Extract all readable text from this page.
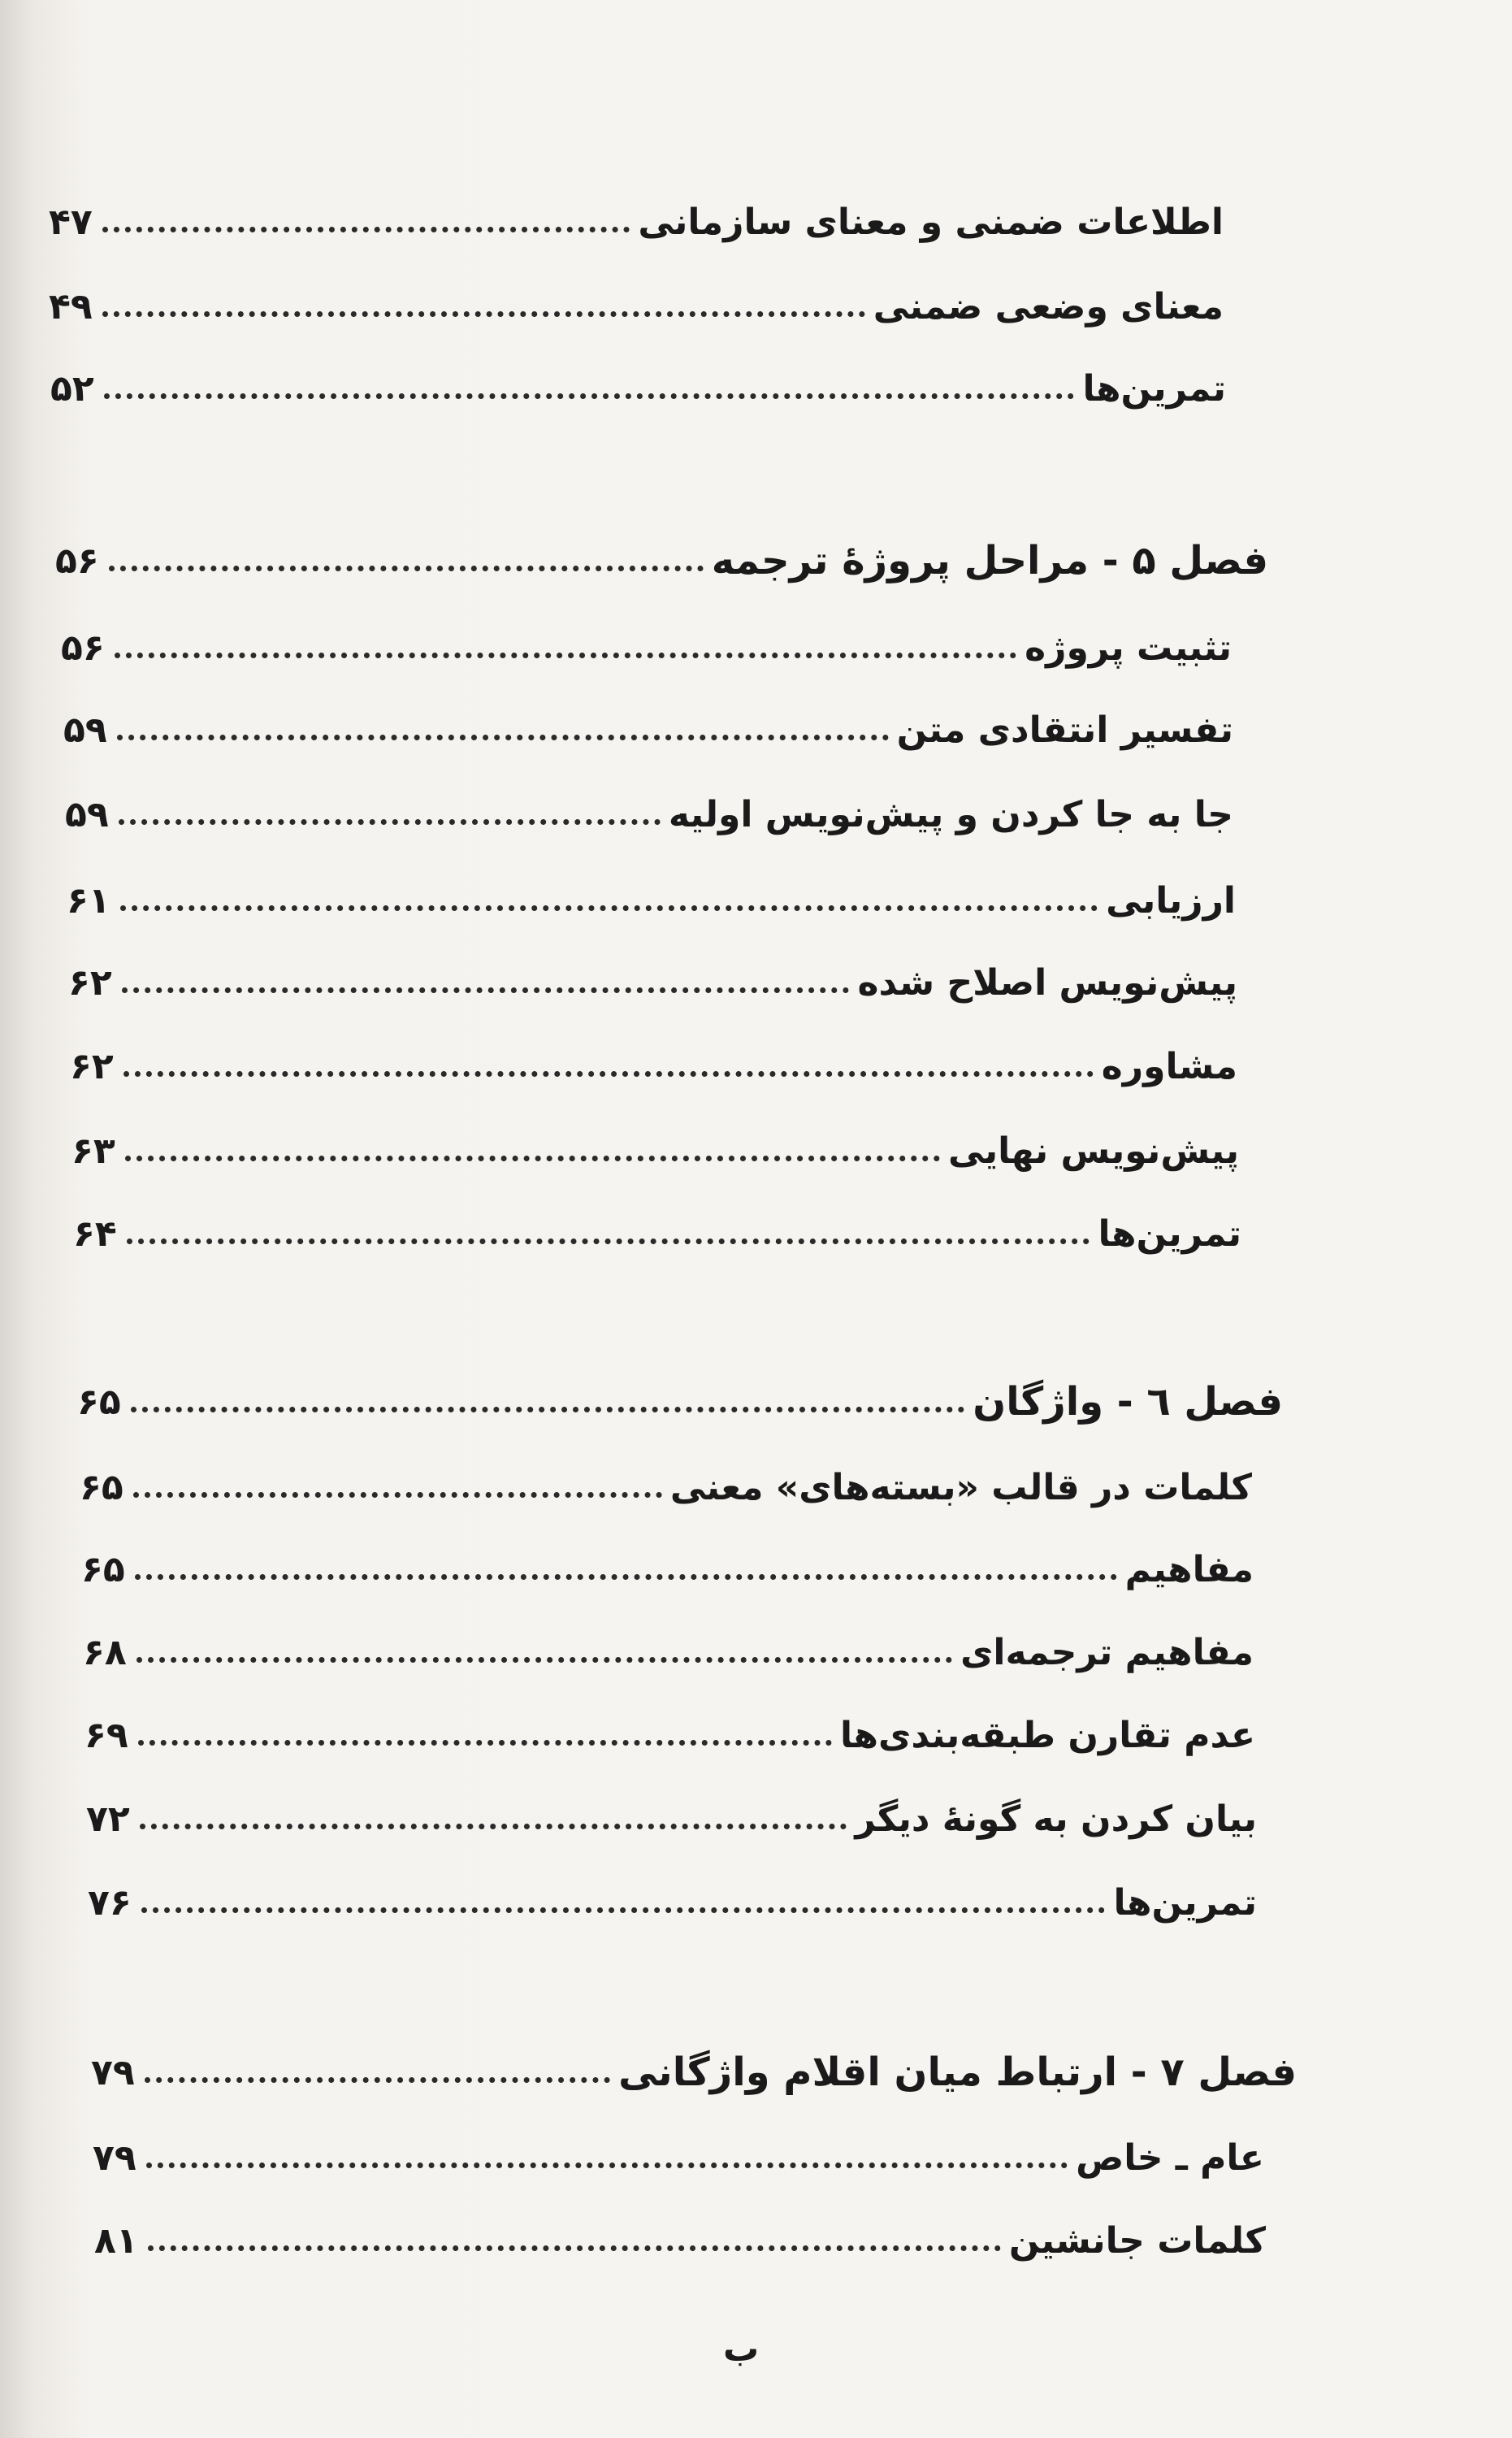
۴۷	اطلاعات ضمنی و معنای سازمانی
۴۹	معنای وضعی ضمنی
۵۲	تمرین‌ها
۵۶	فصل ۵ - مراحل پروژهٔ ترجمه
۵۶	تثبیت پروژه
۵۹	تفسیر انتقادی متن
۵۹	جا به جا کردن و پیش‌نویس اولیه
۶۱	ارزیابی
۶۲	پیش‌نویس اصلاح شده
۶۲	مشاوره
۶۳	پیش‌نویس نهایی
۶۴	تمرین‌ها
۶۵	فصل ٦ - واژگان
۶۵	کلمات در قالب «بسته‌های» معنی
۶۵	مفاهیم
۶۸	مفاهیم ترجمه‌ای
۶۹	عدم تقارن طبقه‌بندی‌ها
۷۲	بیان کردن به گونهٔ دیگر
۷۶	تمرین‌ها
۷۹	فصل ۷ - ارتباط میان اقلام واژگانی
۷۹	عام ـ خاص
۸۱	کلمات جانشین
ب
